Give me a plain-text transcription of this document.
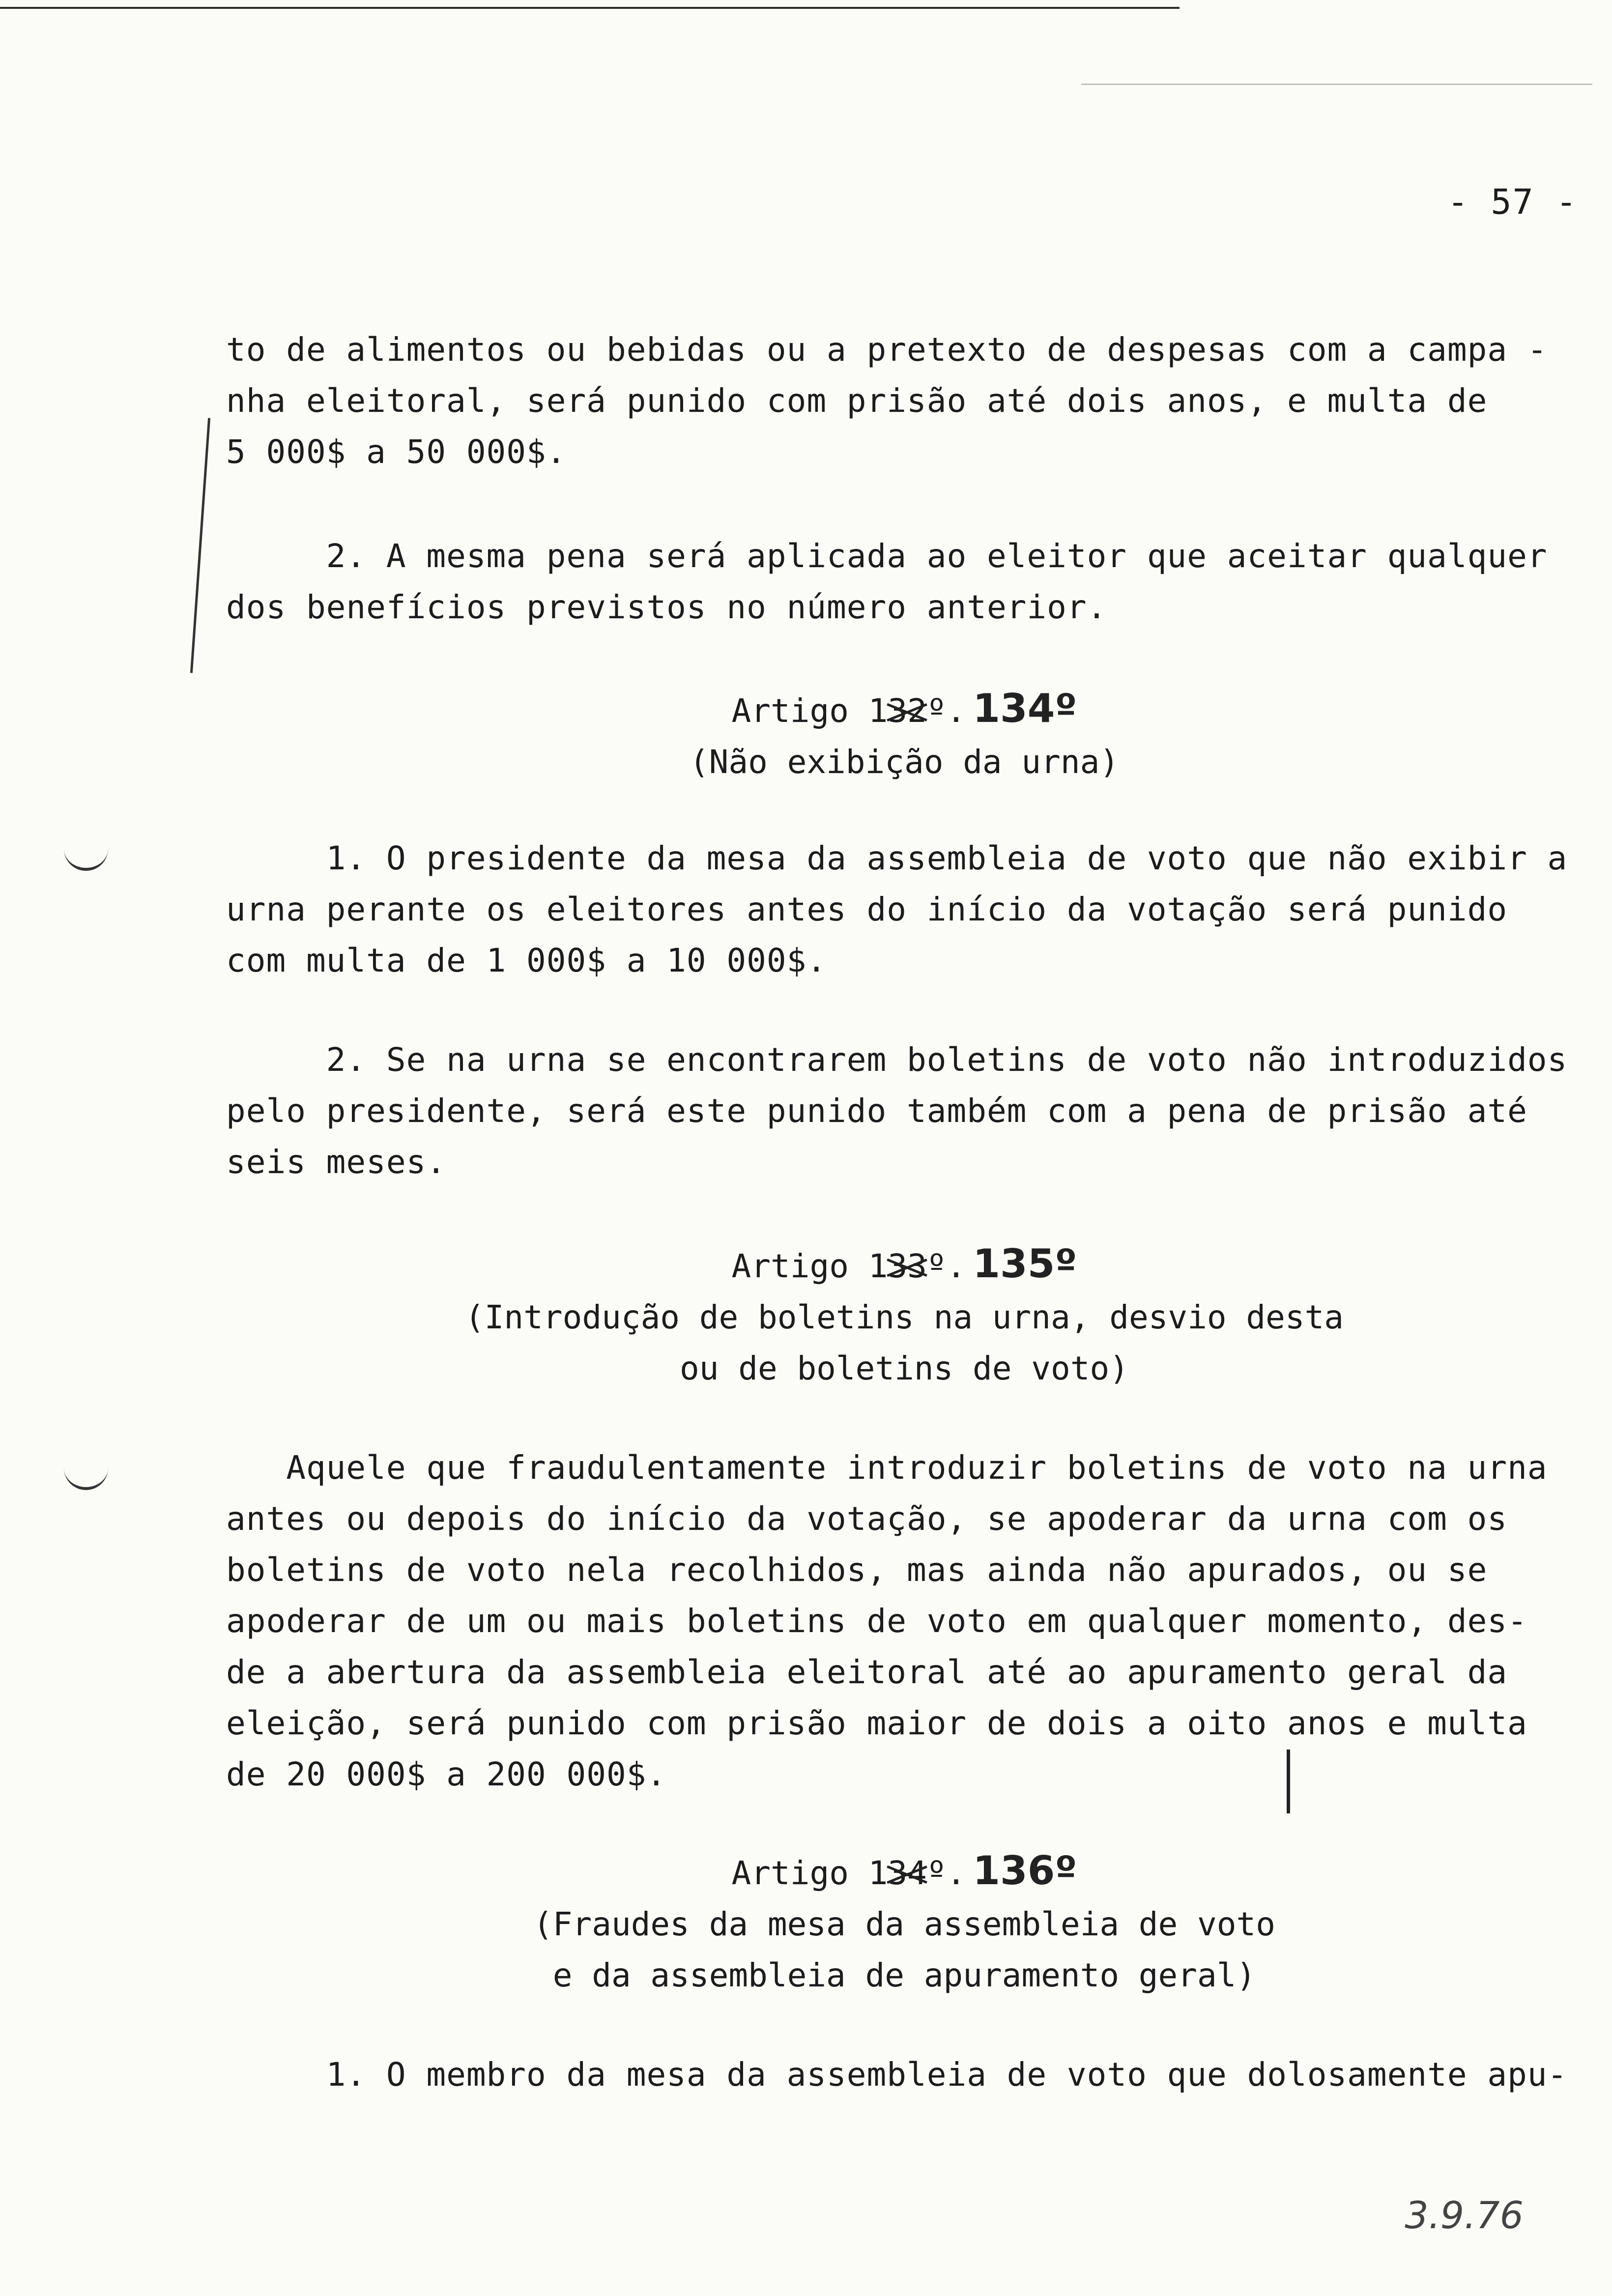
- 57 -
to de alimentos ou bebidas ou a pretexto de despesas com a campa -
nha eleitoral, será punido com prisão até dois anos, e multa de
5 000$ a 50 000$.
2. A mesma pena será aplicada ao eleitor que aceitar qualquer
dos benefícios previstos no número anterior.
Artigo 132º. 134º
(Não exibição da urna)
1. O presidente da mesa da assembleia de voto que não exibir a
urna perante os eleitores antes do início da votação será punido
com multa de 1 000$ a 10 000$.
2. Se na urna se encontrarem boletins de voto não introduzidos
pelo presidente, será este punido também com a pena de prisão até
seis meses.
Artigo 133º. 135º
(Introdução de boletins na urna, desvio desta
ou de boletins de voto)
Aquele que fraudulentamente introduzir boletins de voto na urna
antes ou depois do início da votação, se apoderar da urna com os
boletins de voto nela recolhidos, mas ainda não apurados, ou se
apoderar de um ou mais boletins de voto em qualquer momento, des-
de a abertura da assembleia eleitoral até ao apuramento geral da
eleição, será punido com prisão maior de dois a oito anos e multa
de 20 000$ a 200 000$.
Artigo 134º. 136º
(Fraudes da mesa da assembleia de voto
e da assembleia de apuramento geral)
1. O membro da mesa da assembleia de voto que dolosamente apu-
3.9.76
